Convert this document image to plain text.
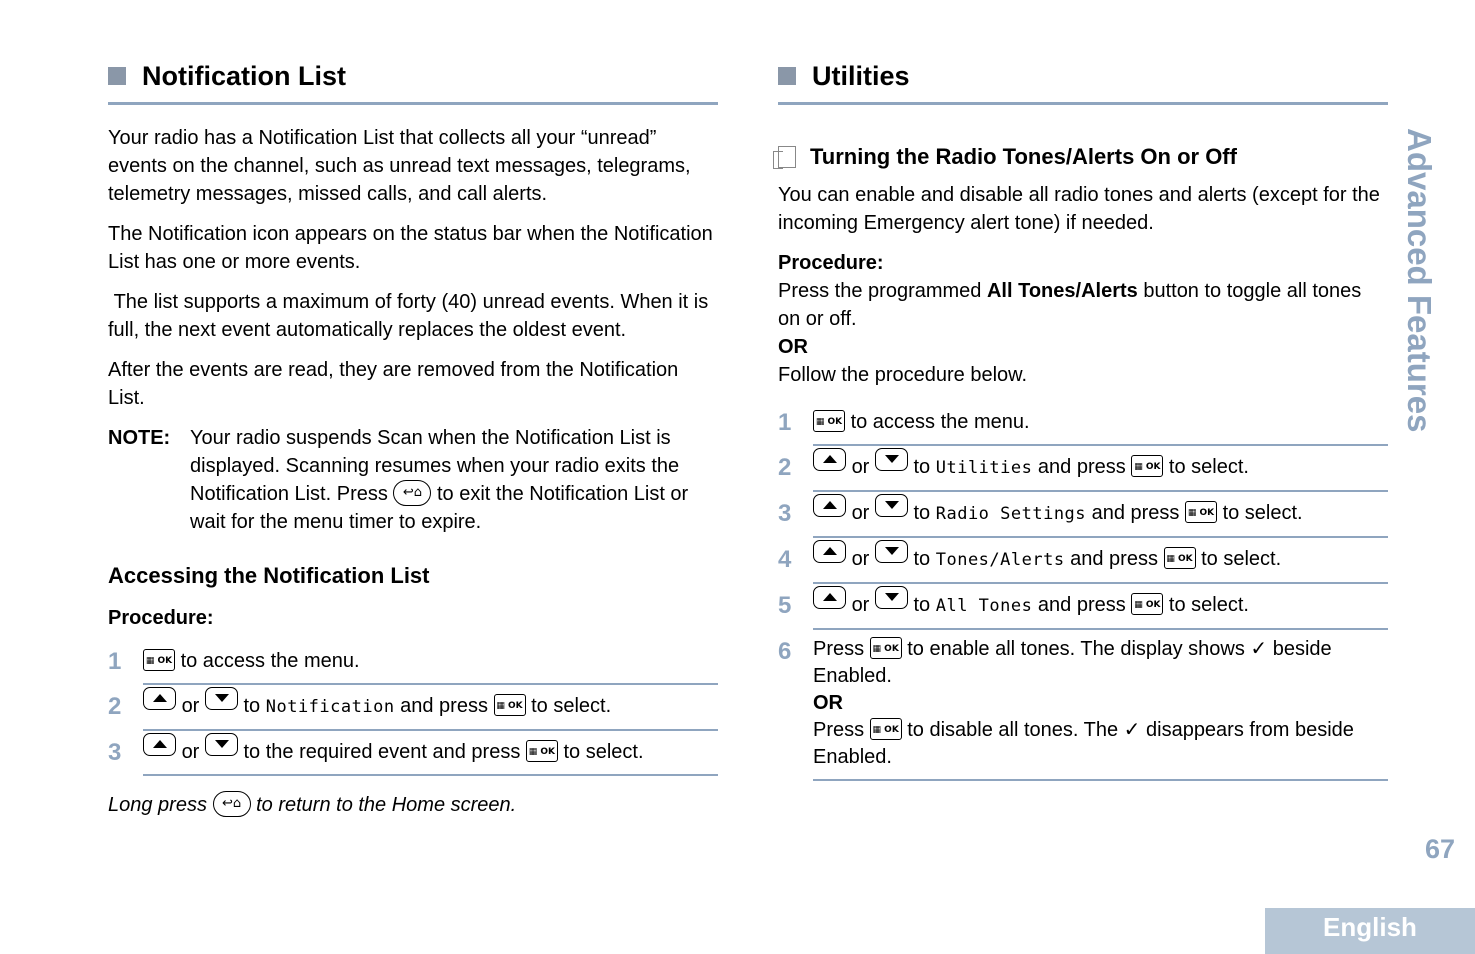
Notification List

Your radio has a Notification List that collects all your “unread” events on the channel, such as unread text messages, telegrams, telemetry messages, missed calls, and call alerts.

The Notification icon appears on the status bar when the Notification List has one or more events.

The list supports a maximum of forty (40) unread events. When it is full, the next event automatically replaces the oldest event.

After the events are read, they are removed from the Notification List.

NOTE: Your radio suspends Scan when the Notification List is displayed. Scanning resumes when your radio exits the Notification List. Press ↩⌂ to exit the Notification List or wait for the menu timer to expire.
Accessing the Notification List
Procedure:
1	▦ OK to access the menu.
2	or to Notification and press ▦ OK to select.
3	or to the required event and press ▦ OK to select.
Long press ↩⌂ to return to the Home screen.
Utilities
Turning the Radio Tones/Alerts On or Off

You can enable and disable all radio tones and alerts (except for the incoming Emergency alert tone) if needed.

Procedure:
Press the programmed All Tones/Alerts button to toggle all tones on or off.
OR
Follow the procedure below.
1	▦ OK to access the menu.
2	or to Utilities and press ▦ OK to select.
3	or to Radio Settings and press ▦ OK to select.
4	or to Tones/Alerts and press ▦ OK to select.
5	or to All Tones and press ▦ OK to select.
6	Press ▦ OK to enable all tones. The display shows ✓ beside Enabled.
OR
Press ▦ OK to disable all tones. The ✓ disappears from beside Enabled.
Advanced Features
67
English
